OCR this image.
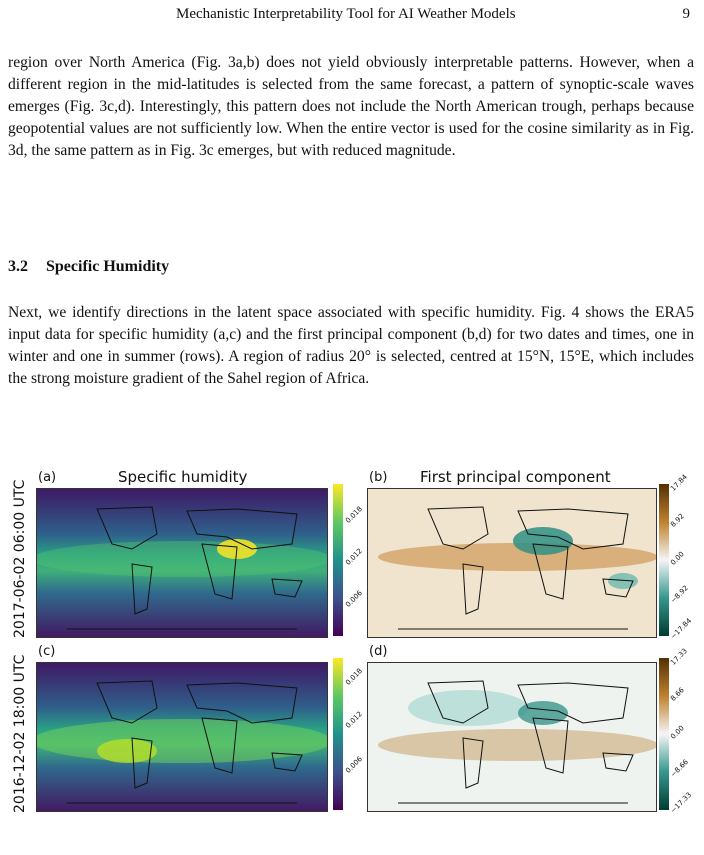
Mechanistic Interpretability Tool for AI Weather Models	9

region over North America (Fig. 3a,b) does not yield obviously interpretable patterns. However, when a different region in the mid-latitudes is selected from the same forecast, a pattern of synoptic-scale waves emerges (Fig. 3c,d). Interestingly, this pattern does not include the North American trough, perhaps because geopotential values are not sufficiently low. When the entire vector is used for the cosine similarity as in Fig. 3d, the same pattern as in Fig. 3c emerges, but with reduced magnitude.

3.2 Specific Humidity

Next, we identify directions in the latent space associated with specific humidity. Fig. 4 shows the ERA5 input data for specific humidity (a,c) and the first principal component (b,d) for two dates and times, one in winter and one in summer (rows). A region of radius 20° is selected, centred at 15°N, 15°E, which includes the strong moisture gradient of the Sahel region of Africa.

2017-06-02 06:00 UTC
2016-12-02 18:00 UTC
(a)	Specific humidity	(b) First principal component
(c)	(d)
0.018
0.012
0.006
17.84
8.92
0.00
−8.92
−17.84
0.018
0.012
0.006
17.33
8.66
0.00
−8.66
−17.33
